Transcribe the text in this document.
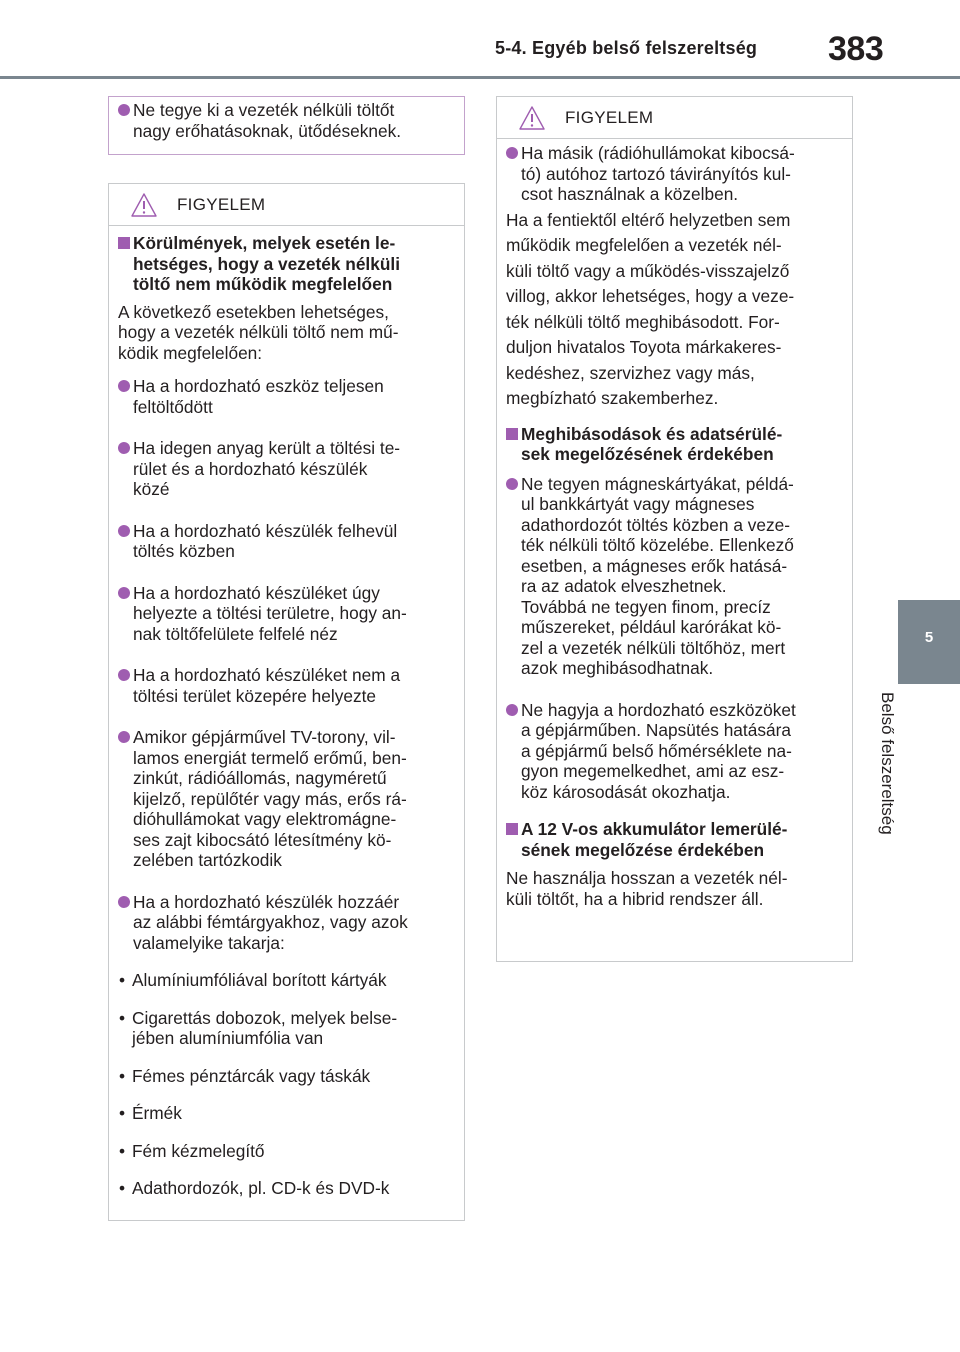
5-4. Egyéb belső felszereltség 383
5
Belső felszereltség

Ne tegye ki a vezeték nélküli töltőt
nagy erőhatásoknak, ütődéseknek.

FIGYELEM

Körülmények, melyek esetén le-
hetséges, hogy a vezeték nélküli
töltő nem működik megfelelően

A következő esetekben lehetséges,
hogy a vezeték nélküli töltő nem mű-
ködik megfelelően:

Ha a hordozható eszköz teljesen
feltöltődött

Ha idegen anyag került a töltési te-
rület és a hordozható készülék
közé

Ha a hordozható készülék felhevül
töltés közben

Ha a hordozható készüléket úgy
helyezte a töltési területre, hogy an-
nak töltőfelülete felfelé néz

Ha a hordozható készüléket nem a
töltési terület közepére helyezte

Amikor gépjárművel TV-torony, vil-
lamos energiát termelő erőmű, ben-
zinkút, rádióállomás, nagyméretű
kijelző, repülőtér vagy más, erős rá-
dióhullámokat vagy elektromágne-
ses zajt kibocsátó létesítmény kö-
zelében tartózkodik

Ha a hordozható készülék hozzáér
az alábbi fémtárgyakhoz, vagy azok
valamelyike takarja:

• Alumíniumfóliával borított kártyák

• Cigarettás dobozok, melyek belse-
jében alumíniumfólia van

• Fémes pénztárcák vagy táskák

• Érmék

• Fém kézmelegítő

• Adathordozók, pl. CD-k és DVD-k

FIGYELEM

Ha másik (rádióhullámokat kibocsá-
tó) autóhoz tartozó távirányítós kul-
csot használnak a közelben.

Ha a fentiektől eltérő helyzetben sem
működik megfelelően a vezeték nél-
küli töltő vagy a működés-visszajelző
villog, akkor lehetséges, hogy a veze-
ték nélküli töltő meghibásodott. For-
duljon hivatalos Toyota márkakeres-
kedéshez, szervizhez vagy más,
megbízható szakemberhez.

Meghibásodások és adatsérülé-
sek megelőzésének érdekében

Ne tegyen mágneskártyákat, példá-
ul bankkártyát vagy mágneses
adathordozót töltés közben a veze-
ték nélküli töltő közelébe. Ellenkező
esetben, a mágneses erők hatásá-
ra az adatok elveszhetnek.
Továbbá ne tegyen finom, precíz
műszereket, például karórákat kö-
zel a vezeték nélküli töltőhöz, mert
azok meghibásodhatnak.

Ne hagyja a hordozható eszközöket
a gépjárműben. Napsütés hatására
a gépjármű belső hőmérséklete na-
gyon megemelkedhet, ami az esz-
köz károsodását okozhatja.

A 12 V-os akkumulátor lemerülé-
sének megelőzése érdekében

Ne használja hosszan a vezeték nél-
küli töltőt, ha a hibrid rendszer áll.
